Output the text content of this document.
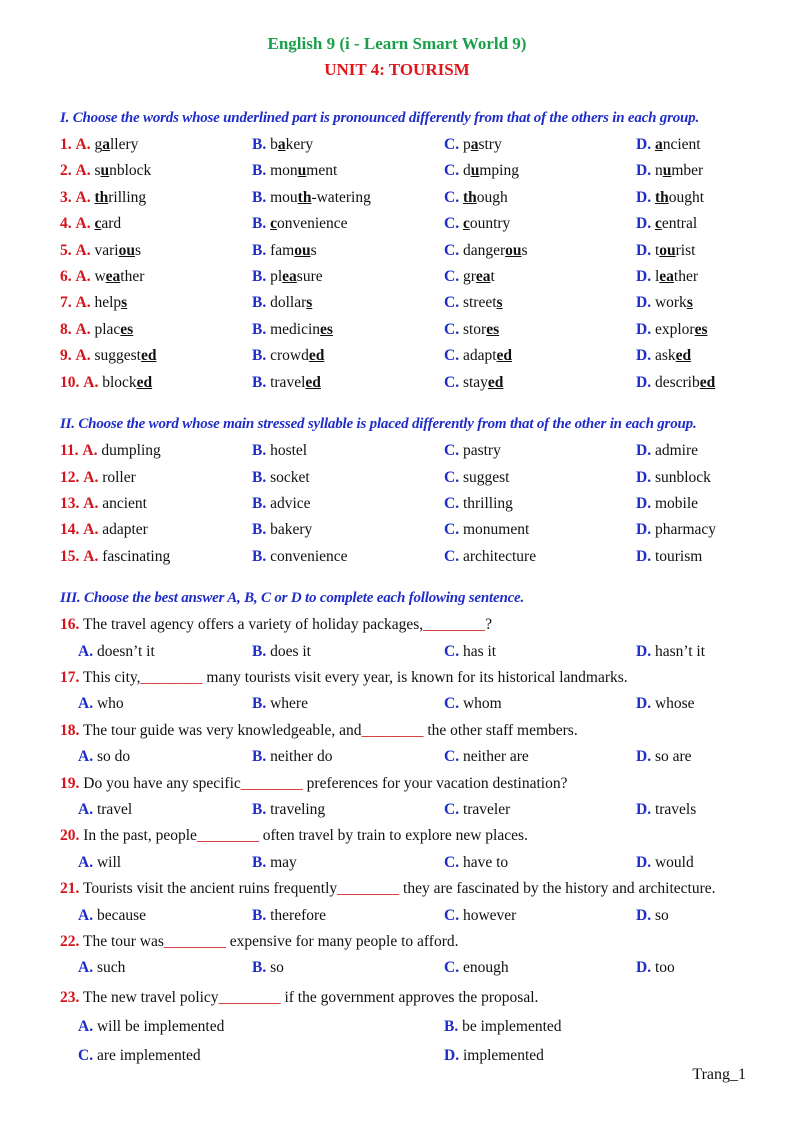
English 9 (i - Learn Smart World 9)
UNIT 4: TOURISM
I. Choose the words whose underlined part is pronounced differently from that of the others in each group.
1. A. gallery	B. bakery	C. pastry	D. ancient
2. A. sunblock	B. monument	C. dumping	D. number
3. A. thrilling	B. mouth-watering	C. though	D. thought
4. A. card	B. convenience	C. country	D. central
5. A. various	B. famous	C. dangerous	D. tourist
6. A. weather	B. pleasure	C. great	D. leather
7. A. helps	B. dollars	C. streets	D. works
8. A. places	B. medicines	C. stores	D. explores
9. A. suggested	B. crowded	C. adapted	D. asked
10. A. blocked	B. traveled	C. stayed	D. described
II. Choose the word whose main stressed syllable is placed differently from that of the other in each group.
11. A. dumpling	B. hostel	C. pastry	D. admire
12. A. roller	B. socket	C. suggest	D. sunblock
13. A. ancient	B. advice	C. thrilling	D. mobile
14. A. adapter	B. bakery	C. monument	D. pharmacy
15. A. fascinating	B. convenience	C. architecture	D. tourism
III. Choose the best answer A, B, C or D to complete each following sentence.
16. The travel agency offers a variety of holiday packages,________?
A. doesn’t it	B. does it	C. has it	D. hasn’t it
17. This city,________ many tourists visit every year, is known for its historical landmarks.
A. who	B. where	C. whom	D. whose
18. The tour guide was very knowledgeable, and________ the other staff members.
A. so do	B. neither do	C. neither are	D. so are
19. Do you have any specific________ preferences for your vacation destination?
A. travel	B. traveling	C. traveler	D. travels
20. In the past, people________ often travel by train to explore new places.
A. will	B. may	C. have to	D. would
21. Tourists visit the ancient ruins frequently________ they are fascinated by the history and architecture.
A. because	B. therefore	C. however	D. so
22. The tour was________ expensive for many people to afford.
A. such	B. so	C. enough	D. too
23. The new travel policy________ if the government approves the proposal.
A. will be implemented	B. be implemented
C. are implemented	D. implemented
Trang_1
